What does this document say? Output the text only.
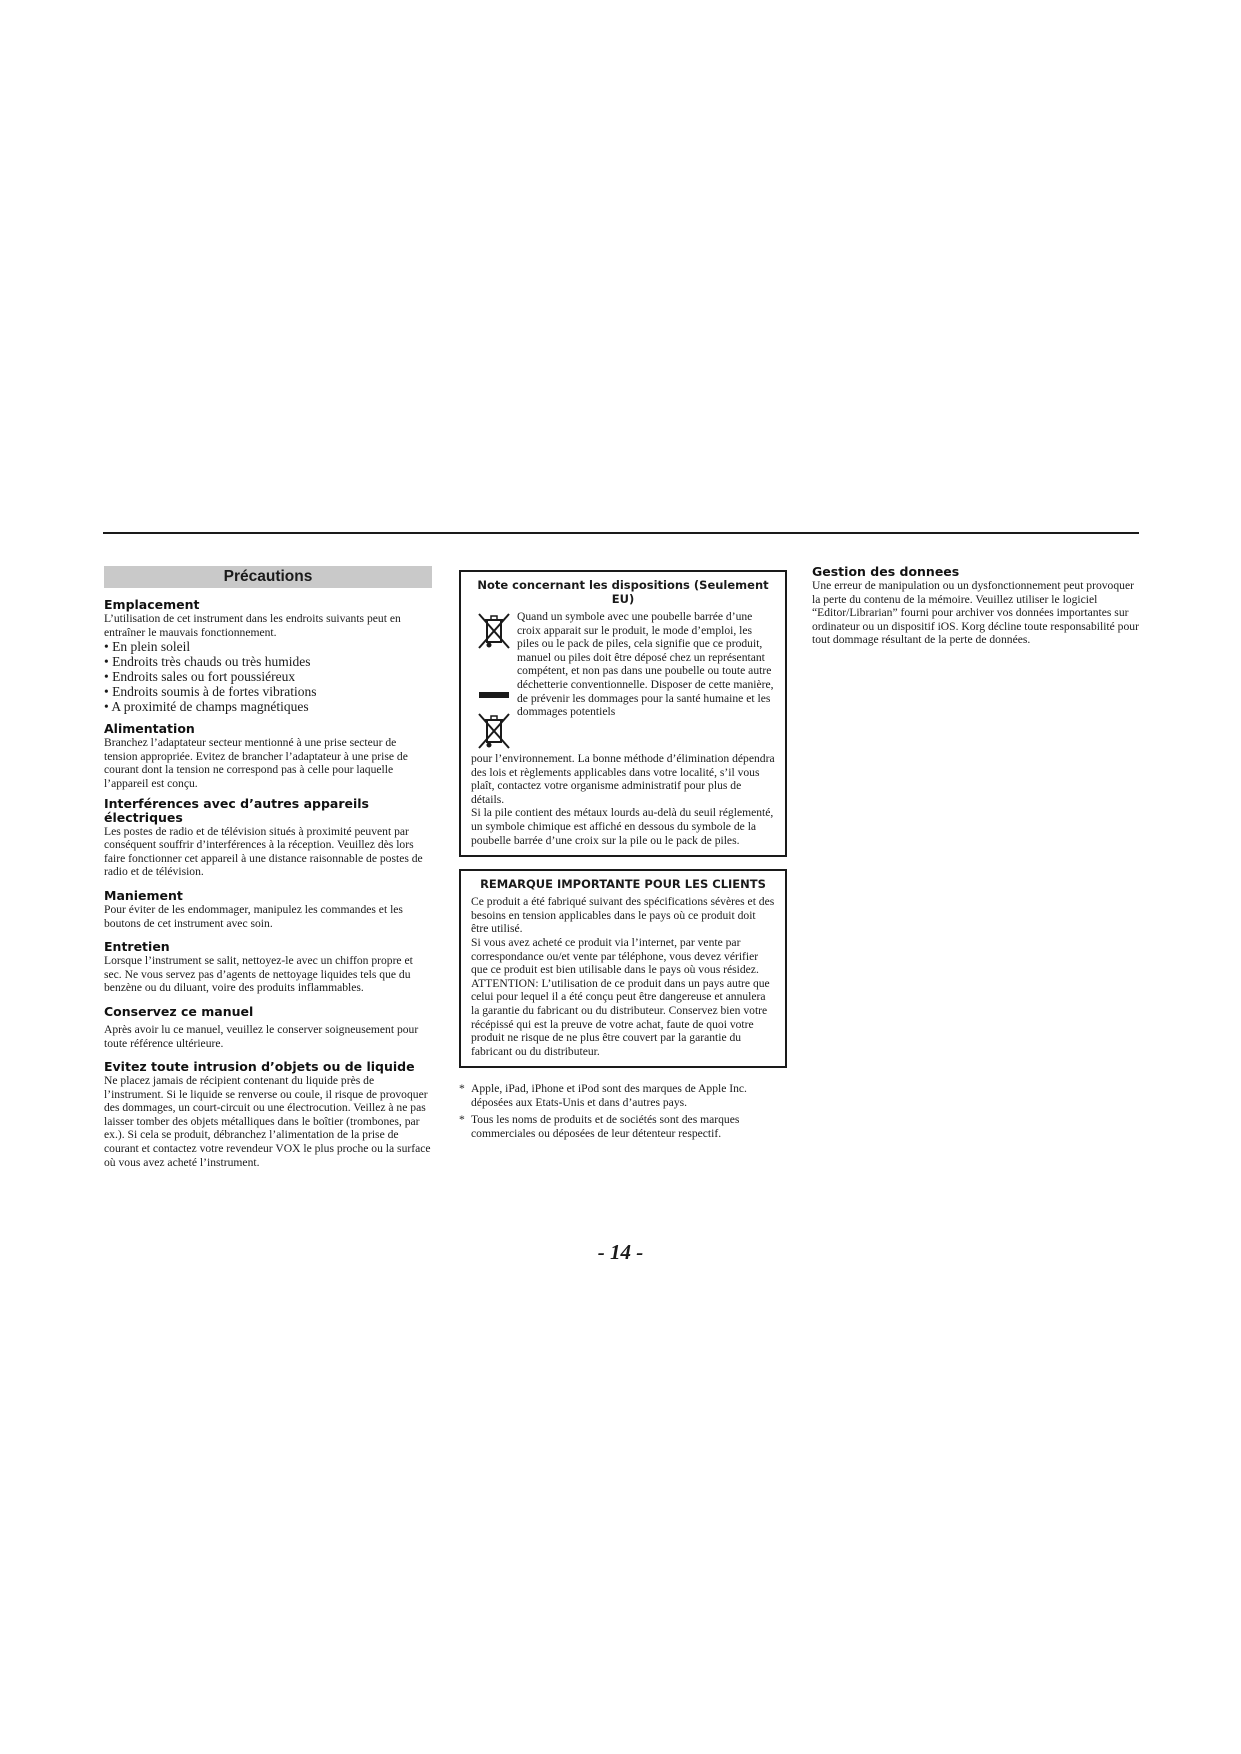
Précautions
Emplacement

L’utilisation de cet instrument dans les endroits suivants peut en entraîner le mauvais fonctionnement.

• En plein soleil
• Endroits très chauds ou très humides
• Endroits sales ou fort poussiéreux
• Endroits soumis à de fortes vibrations
• A proximité de champs magnétiques
Alimentation

Branchez l’adaptateur secteur mentionné à une prise secteur de tension appropriée. Evitez de brancher l’adaptateur à une prise de courant dont la tension ne correspond pas à celle pour laquelle l’appareil est conçu.

Interférences avec d’autres appareils électriques

Les postes de radio et de télévision situés à proximité peuvent par conséquent souffrir d’interférences à la réception. Veuillez dès lors faire fonctionner cet appareil à une distance raisonnable de postes de radio et de télévision.

Maniement

Pour éviter de les endommager, manipulez les commandes et les boutons de cet instrument avec soin.

Entretien

Lorsque l’instrument se salit, nettoyez-le avec un chiffon propre et sec. Ne vous servez pas d’agents de nettoyage liquides tels que du benzène ou du diluant, voire des produits inflammables.

Conservez ce manuel

Après avoir lu ce manuel, veuillez le conserver soigneusement pour toute référence ultérieure.

Evitez toute intrusion d’objets ou de liquide

Ne placez jamais de récipient contenant du liquide près de l’instrument. Si le liquide se renverse ou coule, il risque de provoquer des dommages, un court-circuit ou une électrocution. Veillez à ne pas laisser tomber des objets métalliques dans le boîtier (trombones, par ex.). Si cela se produit, débranchez l’alimentation de la prise de courant et contactez votre revendeur VOX le plus proche ou la surface où vous avez acheté l’instrument.

Note concernant les dispositions (Seulement EU)

Quand un symbole avec une poubelle barrée d’une croix apparait sur le produit, le mode d’emploi, les piles ou le pack de piles, cela signifie que ce produit, manuel ou piles doit être déposé chez un représentant compétent, et non pas dans une poubelle ou toute autre déchetterie conventionnelle. Disposer de cette manière, de prévenir les dommages pour la santé humaine et les dommages potentiels

pour l’environnement. La bonne méthode d’élimination dépendra des lois et règlements applicables dans votre localité, s’il vous plaît, contactez votre organisme administratif pour plus de détails.

Si la pile contient des métaux lourds au-delà du seuil réglementé, un symbole chimique est affiché en dessous du symbole de la poubelle barrée d’une croix sur la pile ou le pack de piles.

REMARQUE IMPORTANTE POUR LES CLIENTS

Ce produit a été fabriqué suivant des spécifications sévères et des besoins en tension applicables dans le pays où ce produit doit être utilisé.

Si vous avez acheté ce produit via l’internet, par vente par correspondance ou/et vente par téléphone, vous devez vérifier que ce produit est bien utilisable dans le pays où vous résidez.

ATTENTION: L’utilisation de ce produit dans un pays autre que celui pour lequel il a été conçu peut être dangereuse et annulera la garantie du fabricant ou du distributeur. Conservez bien votre récépissé qui est la preuve de votre achat, faute de quoi votre produit ne risque de ne plus être couvert par la garantie du fabricant ou du distributeur.

* Apple, iPad, iPhone et iPod sont des marques de Apple Inc. déposées aux Etats-Unis et dans d’autres pays.

* Tous les noms de produits et de sociétés sont des marques commerciales ou déposées de leur détenteur respectif.

Gestion des donnees

Une erreur de manipulation ou un dysfonctionnement peut provoquer la perte du contenu de la mémoire. Veuillez utiliser le logiciel “Editor/Librarian” fourni pour archiver vos données importantes sur ordinateur ou un dispositif iOS. Korg décline toute responsabilité pour tout dommage résultant de la perte de données.

- 14 -
